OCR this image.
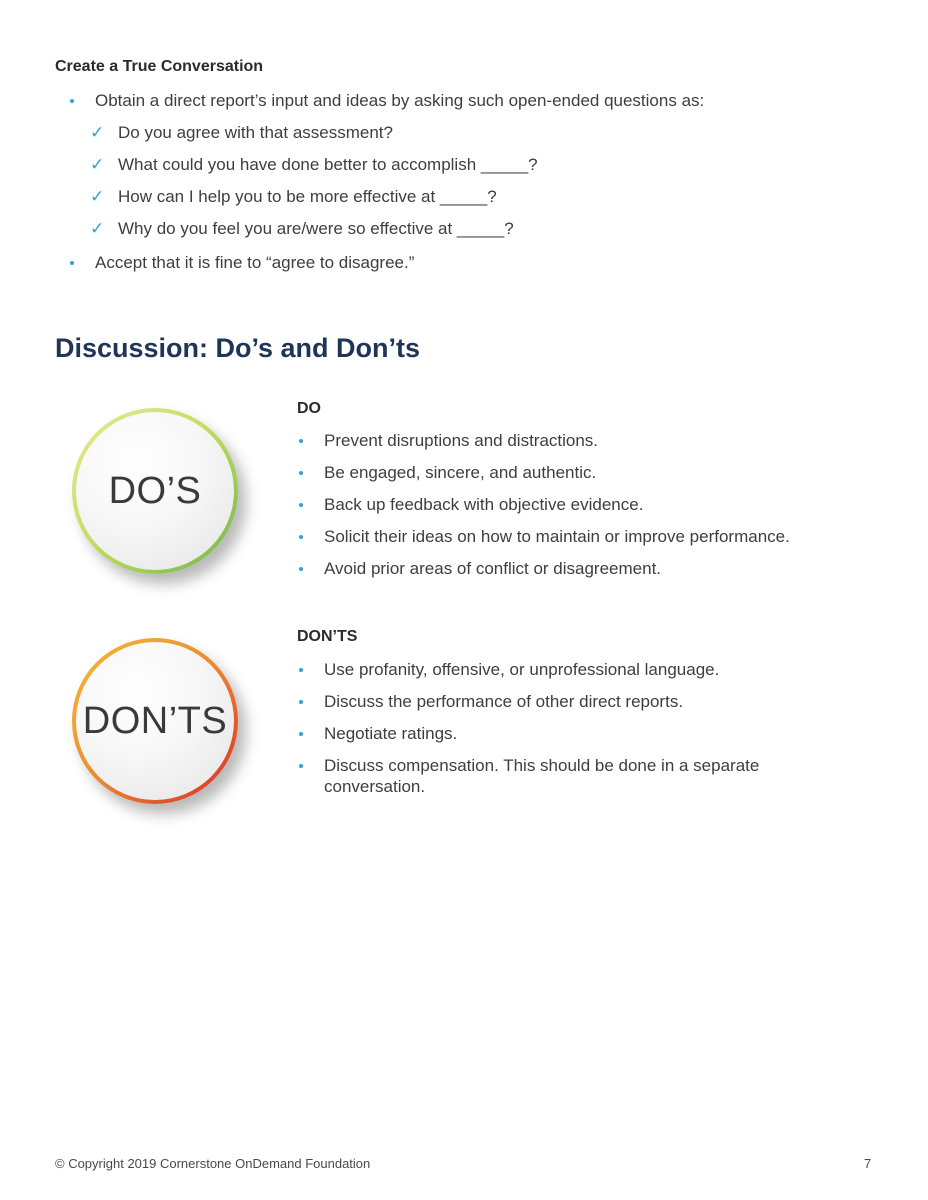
Create a True Conversation
Obtain a direct report’s input and ideas by asking such open-ended questions as:
✓ Do you agree with that assessment?
✓ What could you have done better to accomplish _____?
✓ How can I help you to be more effective at _____?
✓ Why do you feel you are/were so effective at _____?
Accept that it is fine to “agree to disagree.”
Discussion: Do’s and Don’ts
DO’S
DO
Prevent disruptions and distractions.
Be engaged, sincere, and authentic.
Back up feedback with objective evidence.
Solicit their ideas on how to maintain or improve performance.
Avoid prior areas of conflict or disagreement.
DON’TS
DON’TS
Use profanity, offensive, or unprofessional language.
Discuss the performance of other direct reports.
Negotiate ratings.
Discuss compensation. This should be done in a separate conversation.
© Copyright 2019 Cornerstone OnDemand Foundation	7
